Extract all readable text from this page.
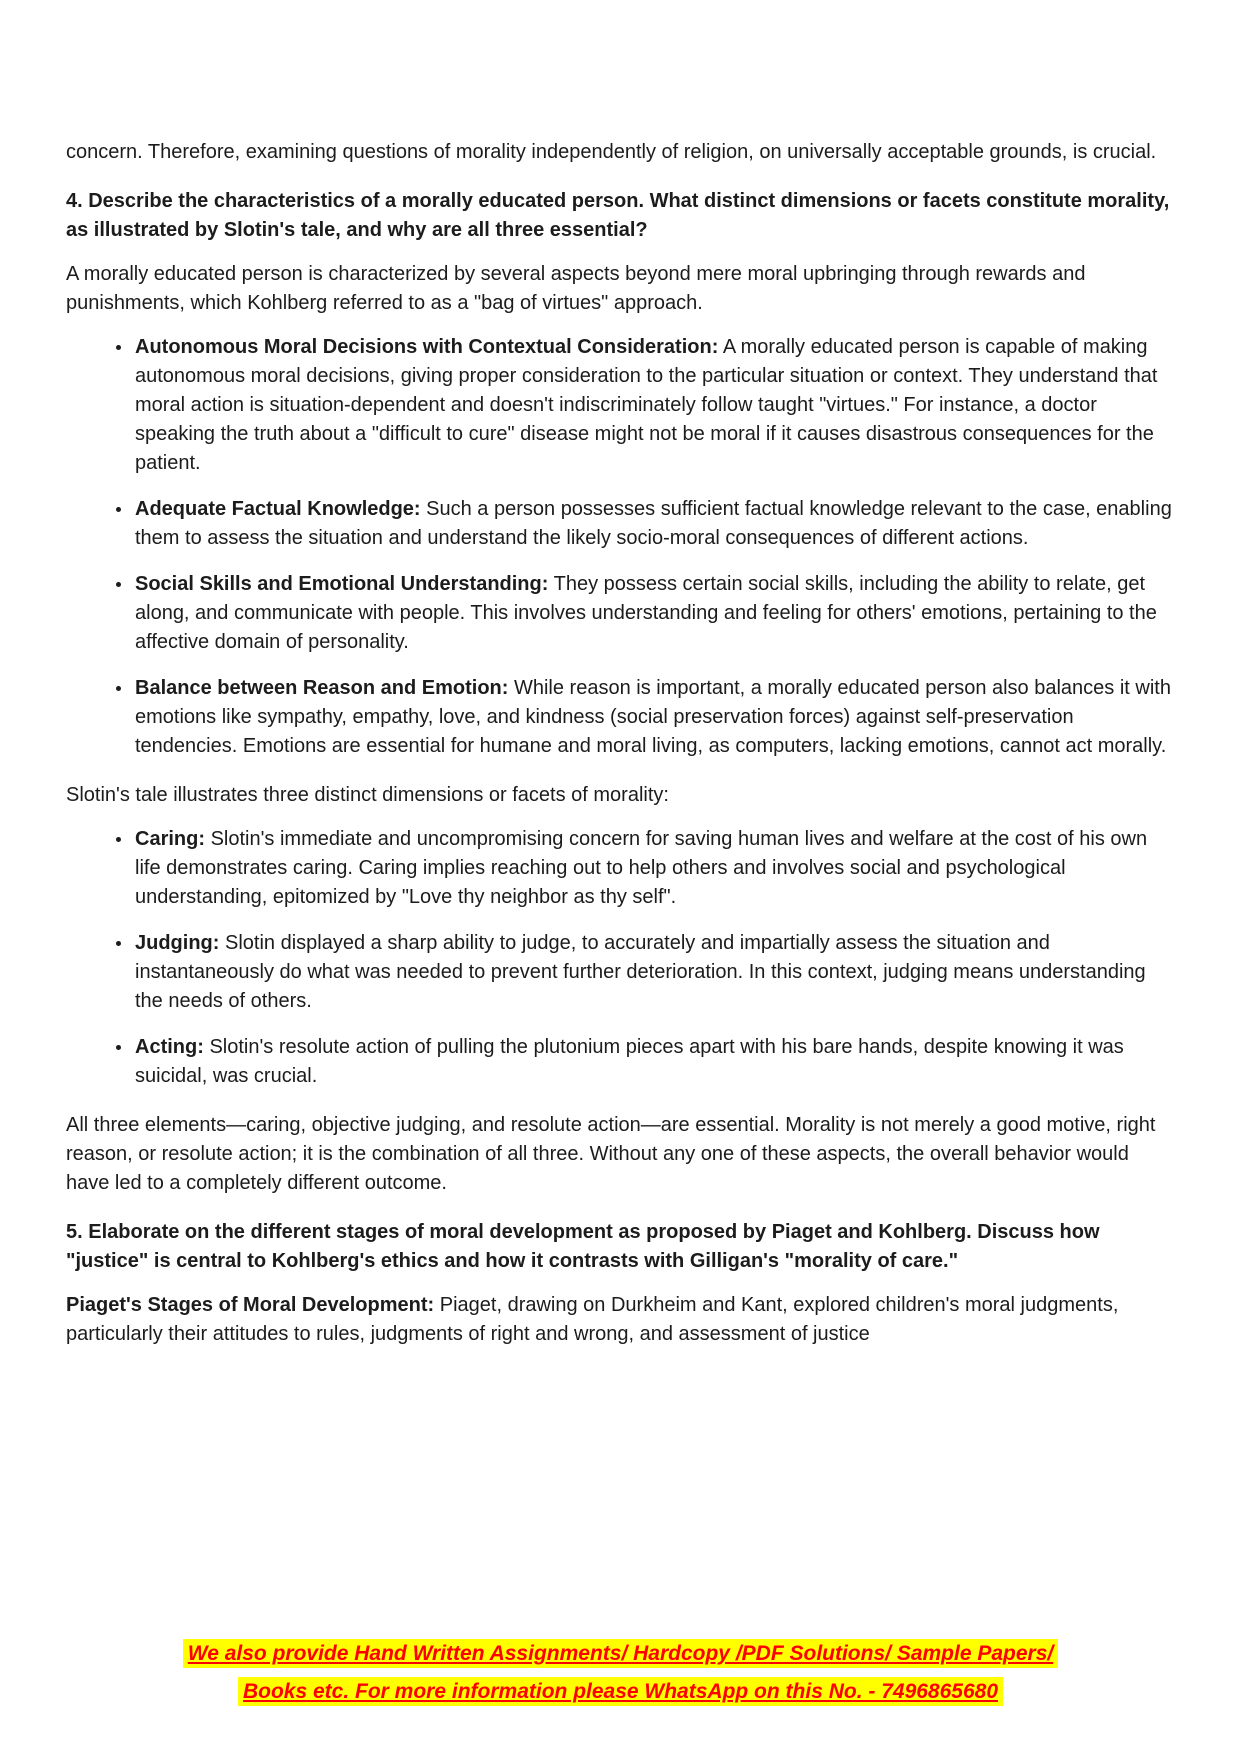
concern. Therefore, examining questions of morality independently of religion, on universally acceptable grounds, is crucial.

4. Describe the characteristics of a morally educated person. What distinct dimensions or facets constitute morality, as illustrated by Slotin's tale, and why are all three essential?

A morally educated person is characterized by several aspects beyond mere moral upbringing through rewards and punishments, which Kohlberg referred to as a "bag of virtues" approach.

• Autonomous Moral Decisions with Contextual Consideration: A morally educated person is capable of making autonomous moral decisions, giving proper consideration to the particular situation or context. They understand that moral action is situation-dependent and doesn't indiscriminately follow taught "virtues." For instance, a doctor speaking the truth about a "difficult to cure" disease might not be moral if it causes disastrous consequences for the patient.
• Adequate Factual Knowledge: Such a person possesses sufficient factual knowledge relevant to the case, enabling them to assess the situation and understand the likely socio-moral consequences of different actions.
• Social Skills and Emotional Understanding: They possess certain social skills, including the ability to relate, get along, and communicate with people. This involves understanding and feeling for others' emotions, pertaining to the affective domain of personality.
• Balance between Reason and Emotion: While reason is important, a morally educated person also balances it with emotions like sympathy, empathy, love, and kindness (social preservation forces) against self-preservation tendencies. Emotions are essential for humane and moral living, as computers, lacking emotions, cannot act morally.

Slotin's tale illustrates three distinct dimensions or facets of morality:

• Caring: Slotin's immediate and uncompromising concern for saving human lives and welfare at the cost of his own life demonstrates caring. Caring implies reaching out to help others and involves social and psychological understanding, epitomized by "Love thy neighbor as thy self".
• Judging: Slotin displayed a sharp ability to judge, to accurately and impartially assess the situation and instantaneously do what was needed to prevent further deterioration. In this context, judging means understanding the needs of others.
• Acting: Slotin's resolute action of pulling the plutonium pieces apart with his bare hands, despite knowing it was suicidal, was crucial.

All three elements—caring, objective judging, and resolute action—are essential. Morality is not merely a good motive, right reason, or resolute action; it is the combination of all three. Without any one of these aspects, the overall behavior would have led to a completely different outcome.

5. Elaborate on the different stages of moral development as proposed by Piaget and Kohlberg. Discuss how "justice" is central to Kohlberg's ethics and how it contrasts with Gilligan's "morality of care."

Piaget's Stages of Moral Development: Piaget, drawing on Durkheim and Kant, explored children's moral judgments, particularly their attitudes to rules, judgments of right and wrong, and assessment of justice

We also provide Hand Written Assignments/ Hardcopy /PDF Solutions/ Sample Papers/
Books etc. For more information please WhatsApp on this No. - 7496865680
